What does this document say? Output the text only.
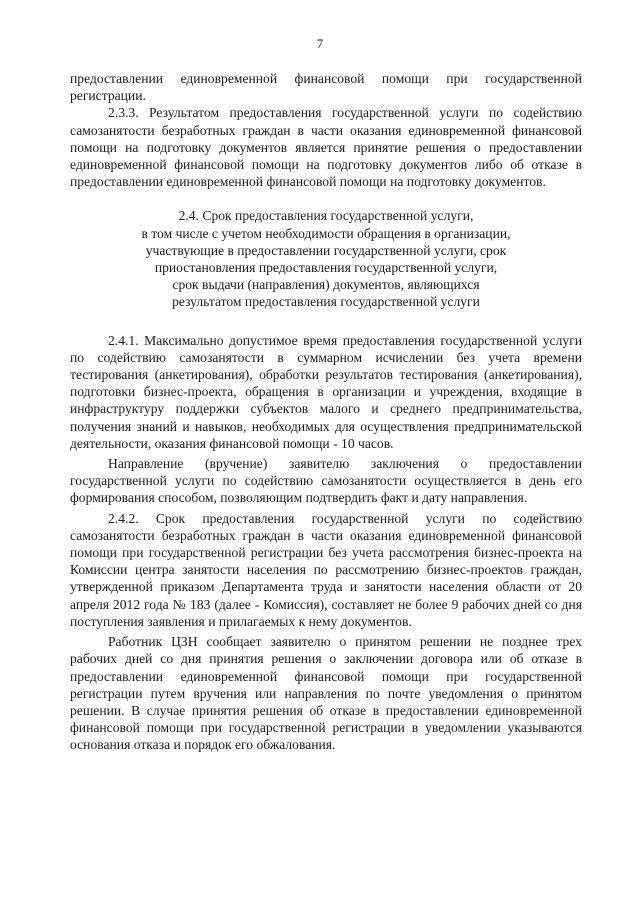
7

предоставлении единовременной финансовой помощи при государственной регистрации.

2.3.3. Результатом предоставления государственной услуги по содействию самозанятости безработных граждан в части оказания единовременной финансовой помощи на подготовку документов является принятие решения о предоставлении единовременной финансовой помощи на подготовку документов либо об отказе в предоставлении единовременной финансовой помощи на подготовку документов.

2.4. Срок предоставления государственной услуги,
в том числе с учетом необходимости обращения в организации,
участвующие в предоставлении государственной услуги, срок
приостановления предоставления государственной услуги,
срок выдачи (направления) документов, являющихся
результатом предоставления государственной услуги

2.4.1. Максимально допустимое время предоставления государственной услуги по содействию самозанятости в суммарном исчислении без учета времени тестирования (анкетирования), обработки результатов тестирования (анкетирования), подготовки бизнес-проекта, обращения в организации и учреждения, входящие в инфраструктуру поддержки субъектов малого и среднего предпринимательства, получения знаний и навыков, необходимых для осуществления предпринимательской деятельности, оказания финансовой помощи - 10 часов.

Направление (вручение) заявителю заключения о предоставлении государственной услуги по содействию самозанятости осуществляется в день его формирования способом, позволяющим подтвердить факт и дату направления.

2.4.2. Срок предоставления государственной услуги по содействию самозанятости безработных граждан в части оказания единовременной финансовой помощи при государственной регистрации без учета рассмотрения бизнес-проекта на Комиссии центра занятости населения по рассмотрению бизнес-проектов граждан, утвержденной приказом Департамента труда и занятости населения области от 20 апреля 2012 года № 183 (далее - Комиссия), составляет не более 9 рабочих дней со дня поступления заявления и прилагаемых к нему документов.

Работник ЦЗН сообщает заявителю о принятом решении не позднее трех рабочих дней со дня принятия решения о заключении договора или об отказе в предоставлении единовременной финансовой помощи при государственной регистрации путем вручения или направления по почте уведомления о принятом решении. В случае принятия решения об отказе в предоставлении единовременной финансовой помощи при государственной регистрации в уведомлении указываются основания отказа и порядок его обжалования.
